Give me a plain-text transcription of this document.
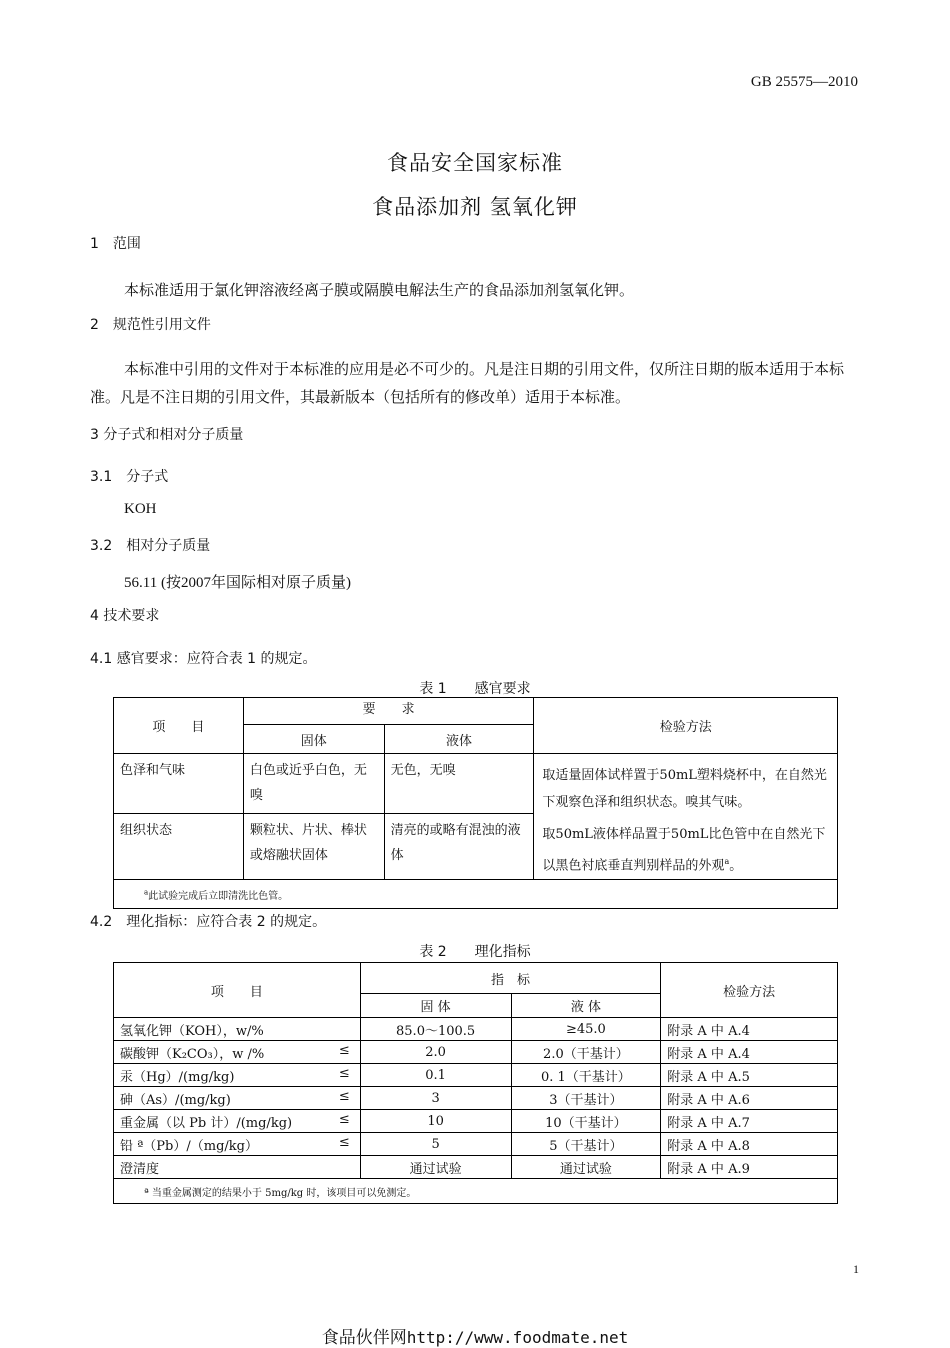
GB 25575—2010
食品安全国家标准
食品添加剂 氢氧化钾
1　范围
本标准适用于氯化钾溶液经离子膜或隔膜电解法生产的食品添加剂氢氧化钾。
2　规范性引用文件
本标准中引用的文件对于本标准的应用是必不可少的。凡是注日期的引用文件，仅所注日期的版本适用于本标准。凡是不注日期的引用文件，其最新版本（包括所有的修改单）适用于本标准。
3 分子式和相对分子质量
3.1　分子式
KOH
3.2　相对分子质量
56.11 (按2007年国际相对原子质量)
4 技术要求
4.1 感官要求：应符合表 1 的规定。
表 1　　感官要求
项　　目	要　　求		检验方法
	固体	液体	
色泽和气味	白色或近乎白色，无嗅	无色，无嗅	取适量固体试样置于50mL塑料烧杯中，在自然光下观察色泽和组织状态。嗅其气味。
取50mL液体样品置于50mL比色管中在自然光下以黑色衬底垂直判别样品的外观$^a$。

组织状态	颗粒状、片状、棒状或熔融状固体	清亮的或略有混浊的液体	
$^a$此试验完成后立即清洗比色管。			
4.2　理化指标：应符合表 2 的规定。
表 2　　理化指标
项　　目	指　标		检验方法
	固 体	液 体	
氢氧化钾（KOH），w/%	85.0～100.5	≥45.0	附录 A 中 A.4
碳酸钾（K₂CO₃），w /% ≤	2.0	2.0（干基计）	附录 A 中 A.4
汞（Hg）/(mg/kg) ≤	0.1	0. 1（干基计）	附录 A 中 A.5
砷（As）/(mg/kg) ≤	3	3（干基计）	附录 A 中 A.6
重金属（以 Pb 计）/(mg/kg) ≤	10	10（干基计）	附录 A 中 A.7
铅 ª（Pb）/（mg/kg） ≤	5	5（干基计）	附录 A 中 A.8
澄清度	通过试验	通过试验	附录 A 中 A.9
ª 当重金属测定的结果小于 5mg/kg 时，该项目可以免测定。			
1
食品伙伴网http://www.foodmate.net
